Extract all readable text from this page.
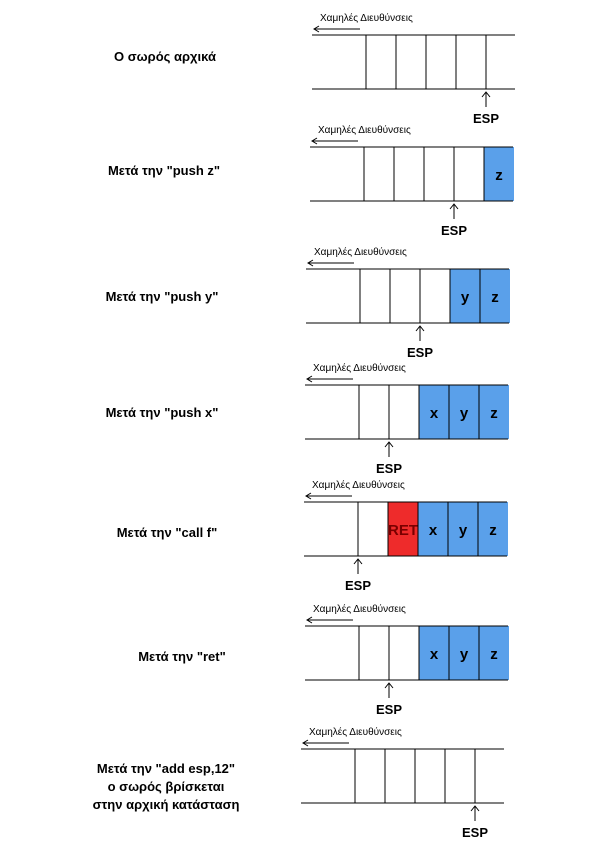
Χαμηλές Διευθύνσεις
ESP
z
Χαμηλές Διευθύνσεις
ESP
y z
Χαμηλές Διευθύνσεις
ESP
x y z
Χαμηλές Διευθύνσεις
ESP
RET x y z
Χαμηλές Διευθύνσεις
ESP
x y z
Χαμηλές Διευθύνσεις
ESP
Χαμηλές Διευθύνσεις
ESP
Ο σωρός αρχικά
Μετά την "push z"
Μετά την "push y"
Μετά την "push x"
Μετά την "call f"
Μετά την "ret"
Μετά την "add esp,12"
ο σωρός βρίσκεται
στην αρχική κατάσταση
